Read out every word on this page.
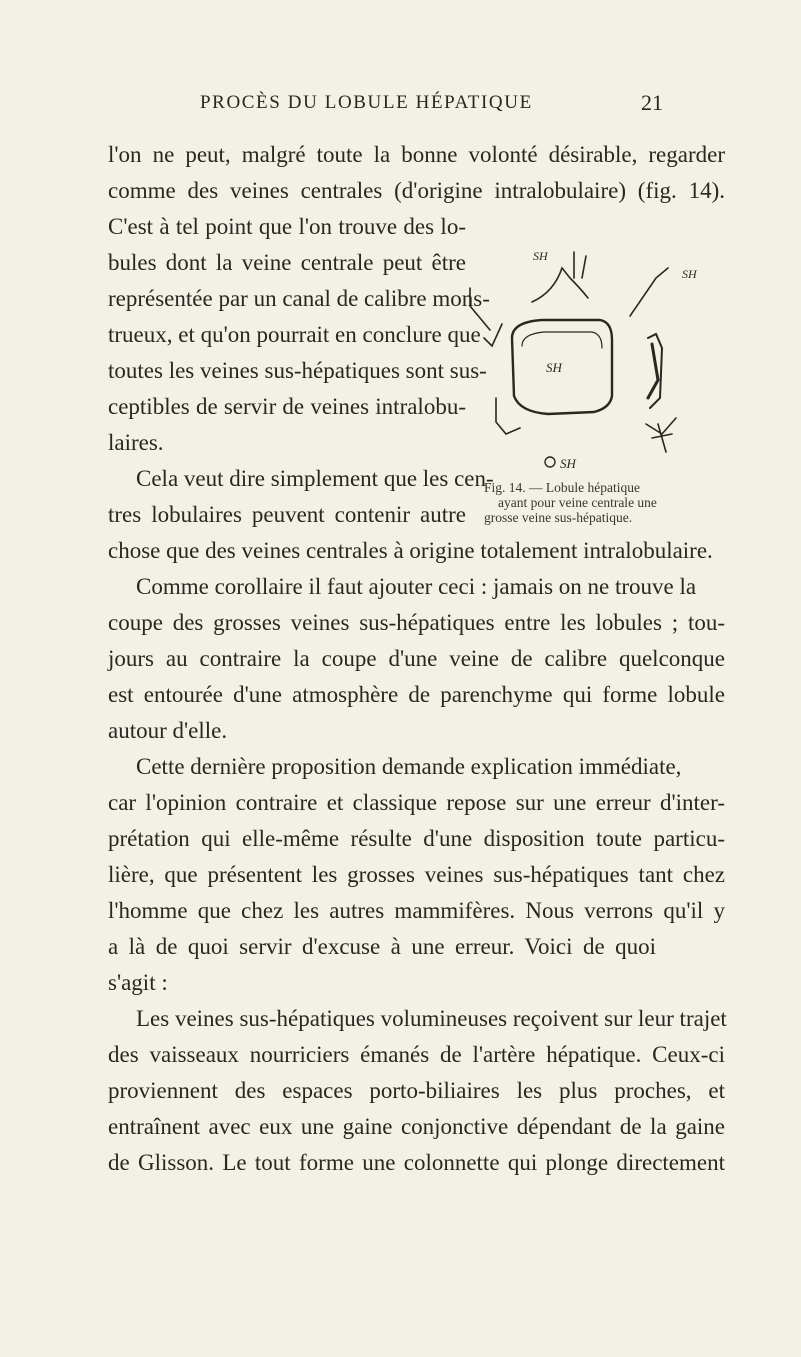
PROCÈS DU LOBULE HÉPATIQUE	21
l'on ne peut, malgré toute la bonne volonté désirable, regarder
comme des veines centrales (d'origine intralobulaire) (fig. 14).
C'est à tel point que l'on trouve des lo-
bules dont la veine centrale peut être
représentée par un canal de calibre mons-
trueux, et qu'on pourrait en conclure que
toutes les veines sus-hépatiques sont sus-
ceptibles de servir de veines intralobu-
laires.
Cela veut dire simplement que les cen-
tres lobulaires peuvent contenir autre
chose que des veines centrales à origine totalement intralobulaire.
Comme corollaire il faut ajouter ceci : jamais on ne trouve la
coupe des grosses veines sus-hépatiques entre les lobules ; tou-
jours au contraire la coupe d'une veine de calibre quelconque
est entourée d'une atmosphère de parenchyme qui forme lobule
autour d'elle.
Cette dernière proposition demande explication immédiate,
car l'opinion contraire et classique repose sur une erreur d'inter-
prétation qui elle-même résulte d'une disposition toute particu-
lière, que présentent les grosses veines sus-hépatiques tant chez
l'homme que chez les autres mammifères. Nous verrons qu'il y
a là de quoi servir d'excuse à une erreur. Voici de quoi
s'agit :
Les veines sus-hépatiques volumineuses reçoivent sur leur trajet
des vaisseaux nourriciers émanés de l'artère hépatique. Ceux-ci
proviennent des espaces porto-biliaires les plus proches, et
entraînent avec eux une gaine conjonctive dépendant de la gaine
de Glisson. Le tout forme une colonnette qui plonge directement
SH
SH
SH
SH
Fig. 14. — Lobule hépatique
ayant pour veine centrale une
grosse veine sus-hépatique.
